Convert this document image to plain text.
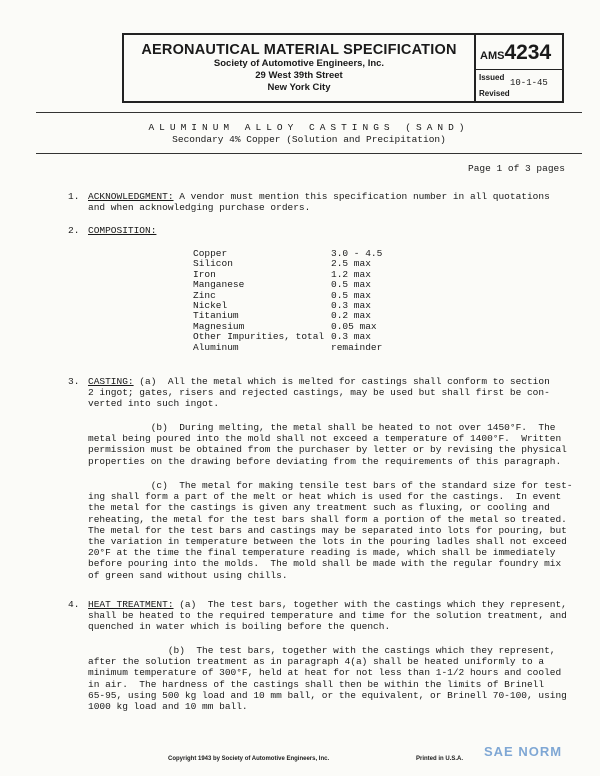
AERONAUTICAL MATERIAL SPECIFICATION
Society of Automotive Engineers, Inc.
29 West 39th Street
New York City
AMS4234
Issued
10-1-45
Revised
ALUMINUM ALLOY CASTINGS (SAND)
Secondary 4% Copper (Solution and Precipitation)
Page 1 of 3 pages
1. ACKNOWLEDGMENT: A vendor must mention this specification number in all quotations
and when acknowledging purchase orders.
2. COMPOSITION:
Copper	3.0 - 4.5
Silicon	2.5 max
Iron	1.2 max
Manganese	0.5 max
Zinc	0.5 max
Nickel	0.3 max
Titanium	0.2 max
Magnesium	0.05 max
Other Impurities, total	0.3 max
Aluminum	remainder
3. CASTING: (a)  All the metal which is melted for castings shall conform to section
2 ingot; gates, risers and rejected castings, may be used but shall first be con-
verted into such ingot.
(b)  During melting, the metal shall be heated to not over 1450°F.  The
metal being poured into the mold shall not exceed a temperature of 1400°F.  Written
permission must be obtained from the purchaser by letter or by revising the physical
properties on the drawing before deviating from the requirements of this paragraph.
(c)  The metal for making tensile test bars of the standard size for test-
ing shall form a part of the melt or heat which is used for the castings.  In event
the metal for the castings is given any treatment such as fluxing, or cooling and
reheating, the metal for the test bars shall form a portion of the metal so treated.
The metal for the test bars and castings may be separated into lots for pouring, but
the variation in temperature between the lots in the pouring ladles shall not exceed
20°F at the time the final temperature reading is made, which shall be immediately
before pouring into the molds.  The mold shall be made with the regular foundry mix
of green sand without using chills.
4. HEAT TREATMENT: (a)  The test bars, together with the castings which they represent,
shall be heated to the required temperature and time for the solution treatment, and
quenched in water which is boiling before the quench.
(b)  The test bars, together with the castings which they represent,
after the solution treatment as in paragraph 4(a) shall be heated uniformly to a
minimum temperature of 300°F, held at heat for not less than 1-1/2 hours and cooled
in air.  The hardness of the castings shall then be within the limits of Brinell
65-95, using 500 kg load and 10 mm ball, or the equivalent, or Brinell 70-100, using
1000 kg load and 10 mm ball.
Copyright 1943 by Society of Automotive Engineers, Inc.	Printed in U.S.A. SAE NORM
